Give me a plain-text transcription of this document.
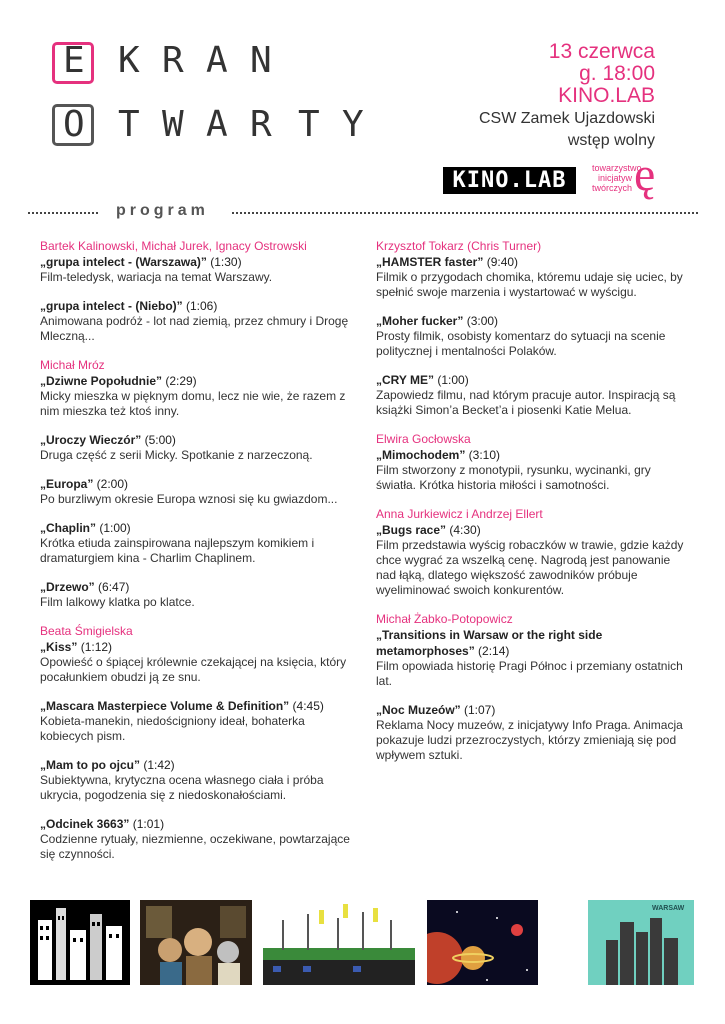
E K R A N
O T W A R T Y
13 czerwca
g. 18:00
KINO.LAB
CSW Zamek Ujazdowski
wstęp wolny
KINO.LAB	towarzystwo
inicjatyw
twórczych ę
program
Bartek Kalinowski, Michał Jurek, Ignacy Ostrowski
„grupa intelect - (Warszawa)” (1:30)
Film-teledysk, wariacja na temat Warszawy.
„grupa intelect - (Niebo)” (1:06)
Animowana podróż - lot nad ziemią, przez chmury i Drogę Mleczną...
Michał Mróz
„Dziwne Popołudnie” (2:29)
Micky mieszka w pięknym domu, lecz nie wie, że razem z nim mieszka też ktoś inny.
„Uroczy Wieczór” (5:00)
Druga część z serii Micky. Spotkanie z narzeczoną.
„Europa” (2:00)
Po burzliwym okresie Europa wznosi się ku gwiazdom...
„Chaplin” (1:00)
Krótka etiuda zainspirowana najlepszym komikiem i dramaturgiem kina - Charlim Chaplinem.
„Drzewo” (6:47)
Film lalkowy klatka po klatce.
Beata Śmigielska
„Kiss” (1:12)
Opowieść o śpiącej królewnie czekającej na księcia, który pocałunkiem obudzi ją ze snu.
„Mascara Masterpiece Volume & Definition” (4:45)
Kobieta-manekin, niedościgniony ideał, bohaterka kobiecych pism.
„Mam to po ojcu” (1:42)
Subiektywna, krytyczna ocena własnego ciała i próba ukrycia, pogodzenia się z niedoskonałościami.
„Odcinek 3663” (1:01)
Codzienne rytuały, niezmienne, oczekiwane, powtarzające się czynności.
Krzysztof Tokarz (Chris Turner)
„HAMSTER faster” (9:40)
Filmik o przygodach chomika, któremu udaje się uciec, by spełnić swoje marzenia i wystartować w wyścigu.
„Moher fucker” (3:00)
Prosty filmik, osobisty komentarz do sytuacji na scenie politycznej i mentalności Polaków.
„CRY ME” (1:00)
Zapowiedz filmu, nad którym pracuje autor. Inspiracją są książki Simon’a Becket’a i piosenki Katie Melua.
Elwira Gocłowska
„Mimochodem” (3:10)
Film stworzony z monotypii, rysunku, wycinanki, gry światła. Krótka historia miłości i samotności.
Anna Jurkiewicz i Andrzej Ellert
„Bugs race” (4:30)
Film przedstawia wyścig robaczków w trawie, gdzie każdy chce wygrać za wszelką cenę. Nagrodą jest panowanie nad łąką, dlatego większość zawodników próbuje wyeliminować swoich konkurentów.
Michał Żabko-Potopowicz
„Transitions in Warsaw or the right side metamorphoses” (2:14)
Film opowiada historię Pragi Północ i przemiany ostatnich lat.
„Noc Muzeów” (1:07)
Reklama Nocy muzeów, z inicjatywy Info Praga. Animacja pokazuje ludzi przezroczystych, którzy zmieniają się pod wpływem sztuki.
WARSAW
